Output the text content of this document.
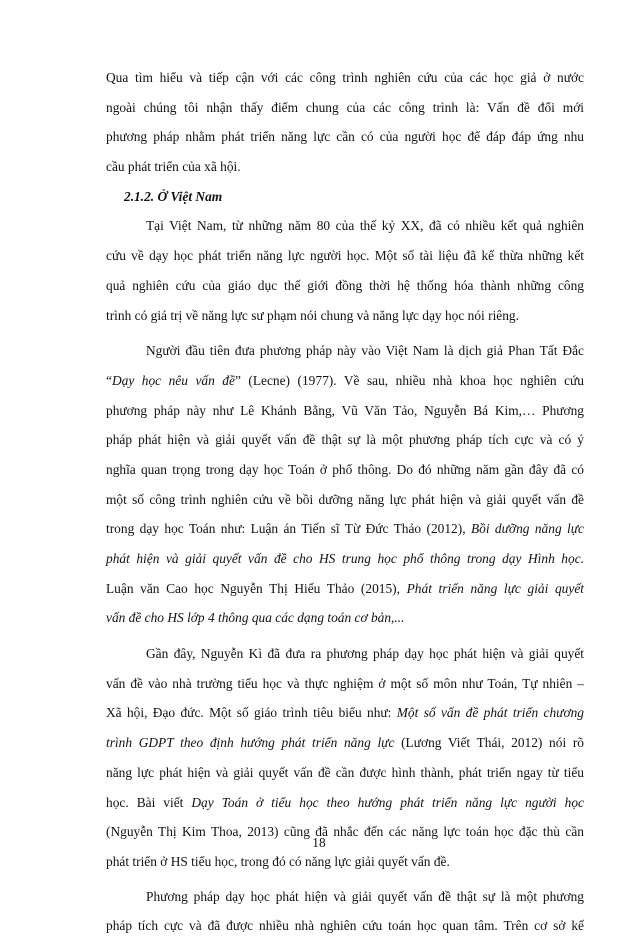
Qua tìm hiểu và tiếp cận với các công trình nghiên cứu của các học giả ở nước
ngoài chúng tôi nhận thấy điểm chung của các công trình là: Vấn đề đổi mới
phương pháp nhằm phát triển năng lực cần có của người học để đáp đáp ứng nhu
cầu phát triển của xã hội.
2.1.2. Ở Việt Nam
Tại Việt Nam, từ những năm 80 của thế kỷ XX, đã có nhiều kết quả nghiên
cứu về dạy học phát triển năng lực người học. Một số tài liệu đã kế thừa những kết
quả nghiên cứu của giáo dục thế giới đồng thời hệ thống hóa thành những công
trình có giá trị về năng lực sư phạm nói chung và năng lực dạy học nói riêng.
Người đầu tiên đưa phương pháp này vào Việt Nam là dịch giả Phan Tất Đắc
“Dạy học nêu vấn đề” (Lecne) (1977). Về sau, nhiều nhà khoa học nghiên cứu
phương pháp này như Lê Khánh Bằng, Vũ Văn Tảo, Nguyễn Bá Kim,… Phương
pháp phát hiện và giải quyết vấn đề thật sự là một phương pháp tích cực và có ý
nghĩa quan trọng trong dạy học Toán ở phổ thông. Do đó những năm gần đây đã có
một số công trình nghiên cứu về bồi dưỡng năng lực phát hiện và giải quyết vấn đề
trong dạy học Toán như: Luận án Tiến sĩ Từ Đức Thảo (2012), Bồi dưỡng năng lực
phát hiện và giải quyết vấn đề cho HS trung học phổ thông trong dạy Hình học.
Luận văn Cao học Nguyễn Thị Hiếu Thảo (2015), Phát triển năng lực giải quyết
vấn đề cho HS lớp 4 thông qua các dạng toán cơ bản,...
Gần đây, Nguyễn Kì đã đưa ra phương pháp dạy học phát hiện và giải quyết
vấn đề vào nhà trường tiểu học và thực nghiệm ở một số môn như Toán, Tự nhiên –
Xã hội, Đạo đức. Một số giáo trình tiêu biểu như: Một số vấn đề phát triển chương
trình GDPT theo định hướng phát triển năng lực (Lương Viết Thái, 2012) nói rõ
năng lực phát hiện và giải quyết vấn đề cần được hình thành, phát triển ngay từ tiểu
học. Bài viết Dạy Toán ở tiểu học theo hướng phát triển năng lực người học
(Nguyễn Thị Kim Thoa, 2013) cũng đã nhắc đến các năng lực toán học đặc thù cần
phát triển ở HS tiểu học, trong đó có năng lực giải quyết vấn đề.
Phương pháp dạy học phát hiện và giải quyết vấn đề thật sự là một phương
pháp tích cực và đã được nhiều nhà nghiên cứu toán học quan tâm. Trên cơ sở kế
18
